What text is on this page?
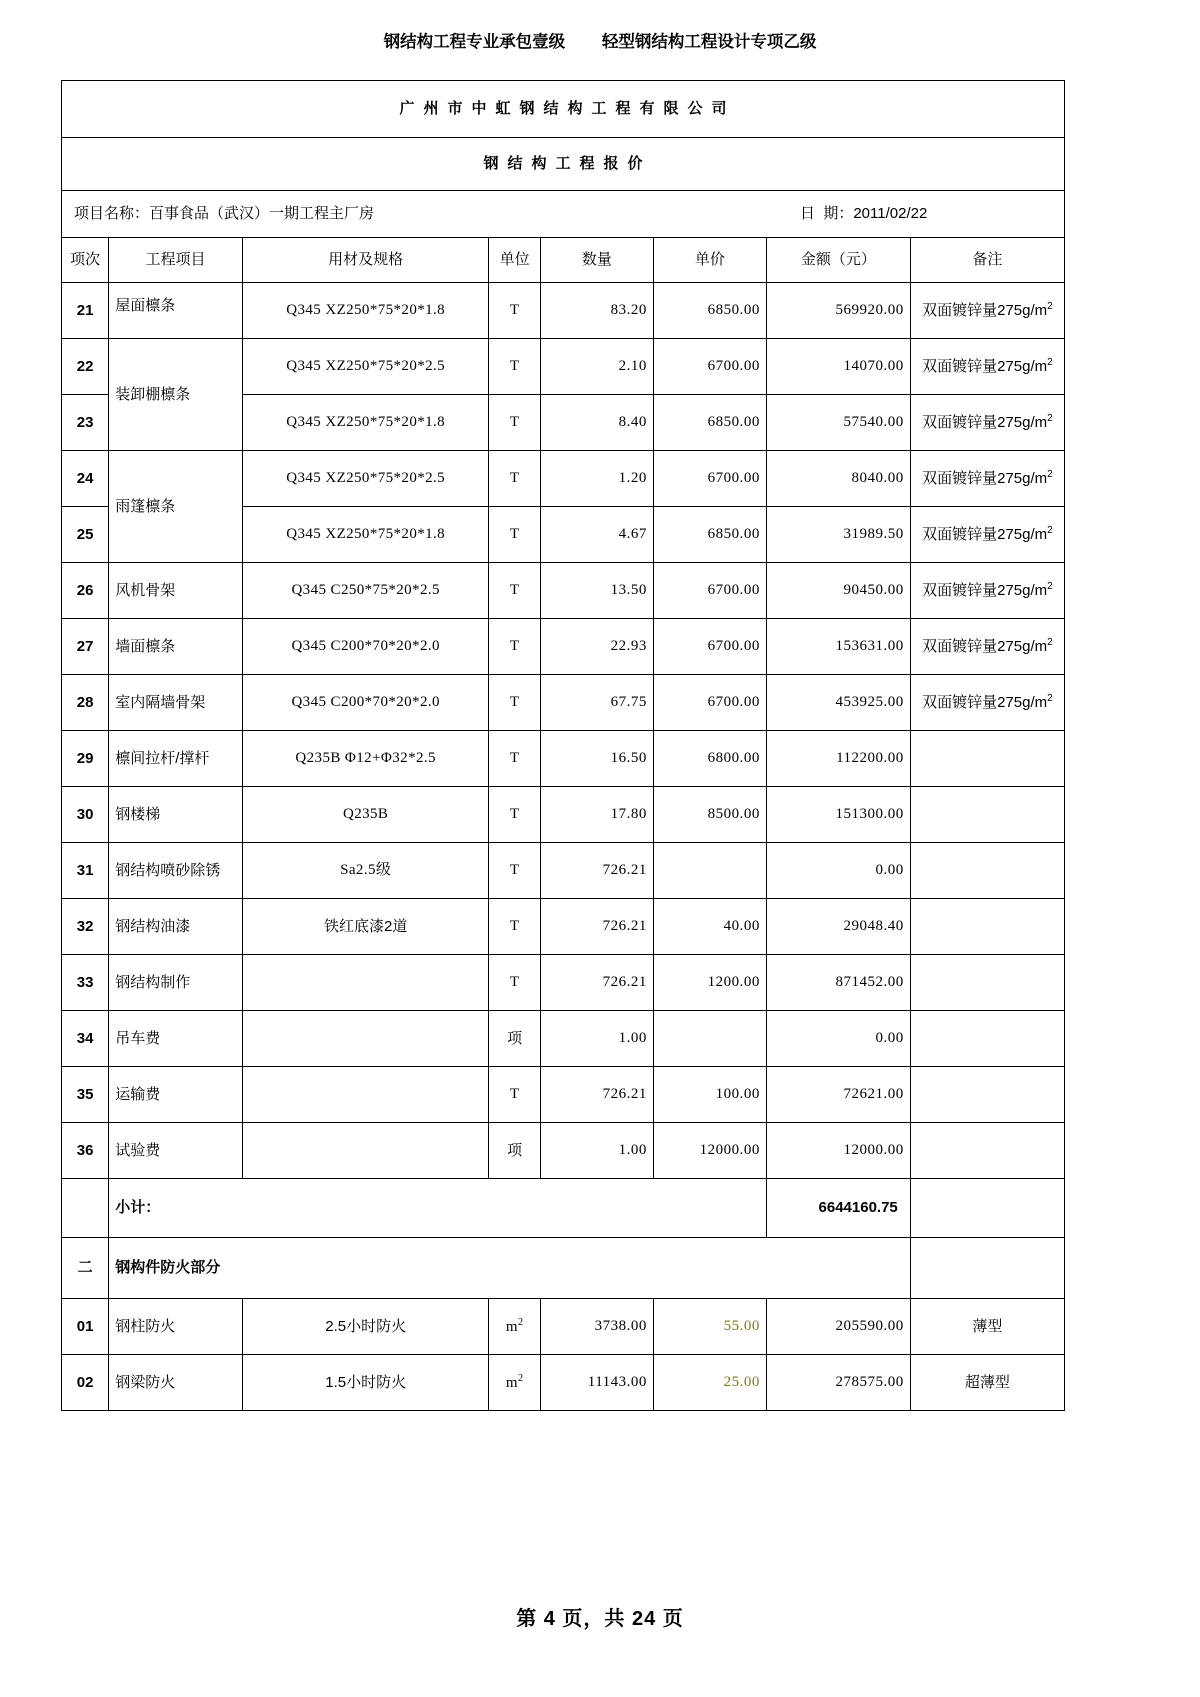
钢结构工程专业承包壹级        轻型钢结构工程设计专项乙级
广州市中虹钢结构工程有限公司							
钢结构工程报价							

项目名称：百事食品（武汉）一期工程主厂房 日  期：2011/02/22							

项次	工程项目	用材及规格	单位	数量	单价	金额（元）	备注
21	屋面檩条	Q345 XZ250*75*20*1.8	T	83.20	6850.00	569920.00	双面镀锌量$275g/m^2$
22	装卸棚檩条	Q345 XZ250*75*20*2.5	T	2.10	6700.00	14070.00	双面镀锌量$275g/m^2$
23		Q345 XZ250*75*20*1.8	T	8.40	6850.00	57540.00	双面镀锌量$275g/m^2$
24	雨篷檩条	Q345 XZ250*75*20*2.5	T	1.20	6700.00	8040.00	双面镀锌量$275g/m^2$
25		Q345 XZ250*75*20*1.8	T	4.67	6850.00	31989.50	双面镀锌量$275g/m^2$
26	风机骨架	Q345 C250*75*20*2.5	T	13.50	6700.00	90450.00	双面镀锌量$275g/m^2$
27	墙面檩条	Q345 C200*70*20*2.0	T	22.93	6700.00	153631.00	双面镀锌量$275g/m^2$
28	室内隔墙骨架	Q345 C200*70*20*2.0	T	67.75	6700.00	453925.00	双面镀锌量$275g/m^2$
29	檩间拉杆/撑杆	Q235B Φ12+Φ32*2.5	T	16.50	6800.00	112200.00	
30	钢楼梯	Q235B	T	17.80	8500.00	151300.00	
31	钢结构喷砂除锈	Sa2.5级	T	726.21		0.00	
32	钢结构油漆	铁红底漆2道	T	726.21	40.00	29048.40	
33	钢结构制作		T	726.21	1200.00	871452.00	
34	吊车费		项	1.00		0.00	
35	运输费		T	726.21	100.00	72621.00	
36	试验费		项	1.00	12000.00	12000.00	
	小计：					6644160.75	
二	钢构件防火部分						
01	钢柱防火	2.5小时防火	$m^2$	3738.00	55.00	205590.00	薄型
02	钢梁防火	1.5小时防火	$m^2$	11143.00	25.00	278575.00	超薄型
第 4 页，共 24 页
